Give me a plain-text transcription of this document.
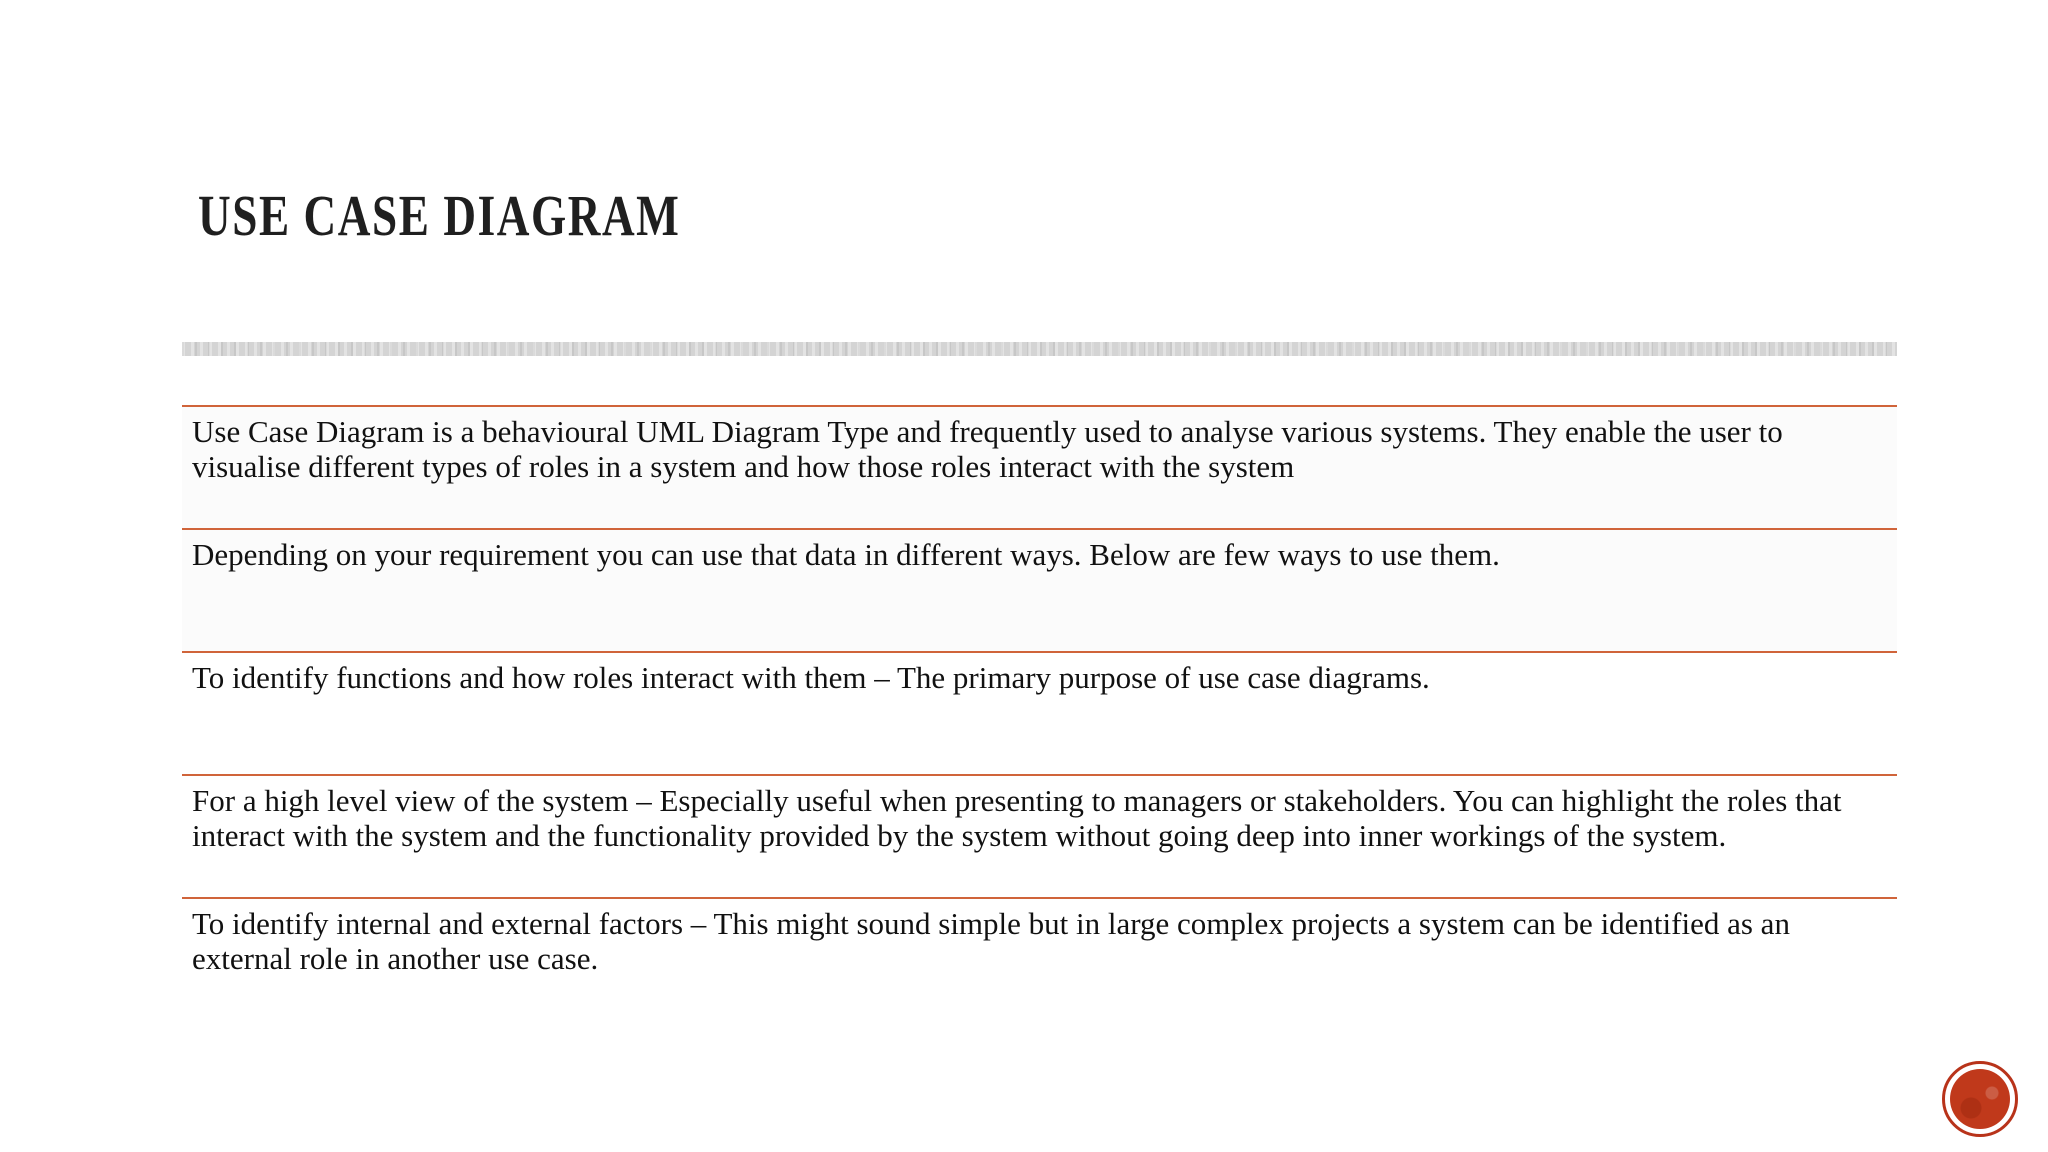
USE CASE DIAGRAM

Use Case Diagram is a behavioural UML Diagram Type and frequently used to analyse various systems. They enable the user to visualise different types of roles in a system and how those roles interact with the system

Depending on your requirement you can use that data in different ways. Below are few ways to use them.

To identify functions and how roles interact with them – The primary purpose of use case diagrams.

For a high level view of the system – Especially useful when presenting to managers or stakeholders. You can highlight the roles that interact with the system and the functionality provided by the system without going deep into inner workings of the system.

To identify internal and external factors – This might sound simple but in large complex projects a system can be identified as an external role in another use case.
